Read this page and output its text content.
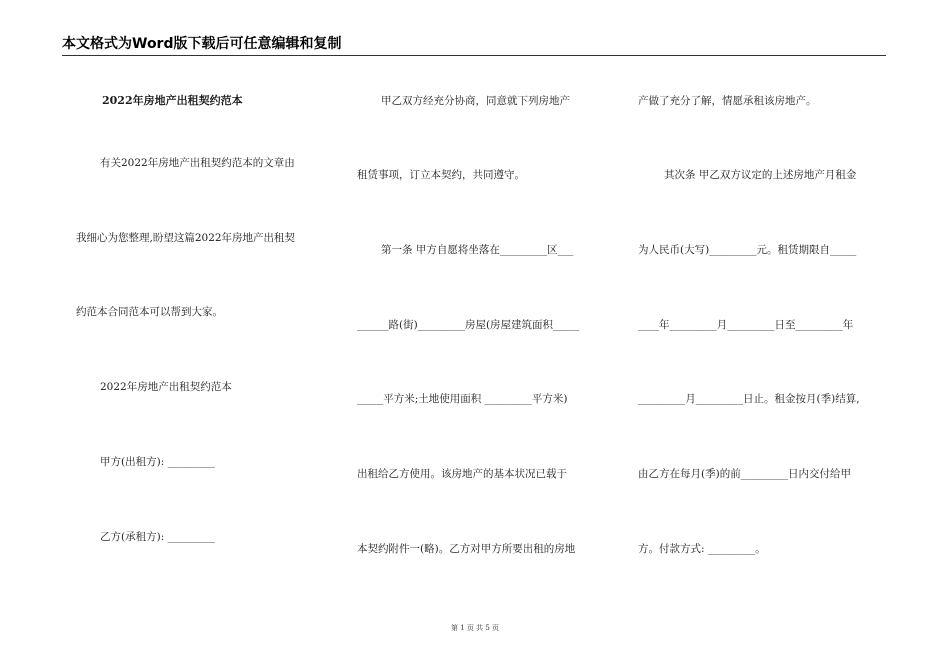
本文格式为Word版下载后可任意编辑和复制
2022年房地产出租契约范本
有关2022年房地产出租契约范本的文章由
我细心为您整理,盼望这篇2022年房地产出租契
约范本合同范本可以帮到大家。
2022年房地产出租契约范本
甲方(出租方): _________
乙方(承租方): _________
甲乙双方经充分协商，同意就下列房地产
租赁事项，订立本契约，共同遵守。
第一条 甲方自愿将坐落在_________区___
______路(街)_________房屋(房屋建筑面积_____
_____平方米;土地使用面积 _________平方米)
出租给乙方使用。该房地产的基本状况已载于
本契约附件一(略)。乙方对甲方所要出租的房地
产做了充分了解，情愿承租该房地产。
其次条 甲乙双方议定的上述房地产月租金
为人民币(大写)_________元。租赁期限自_____
____年_________月_________日至_________年
_________月_________日止。租金按月(季)结算,
由乙方在每月(季)的前_________日内交付给甲
方。付款方式: _________。
第 1 页 共 5 页
